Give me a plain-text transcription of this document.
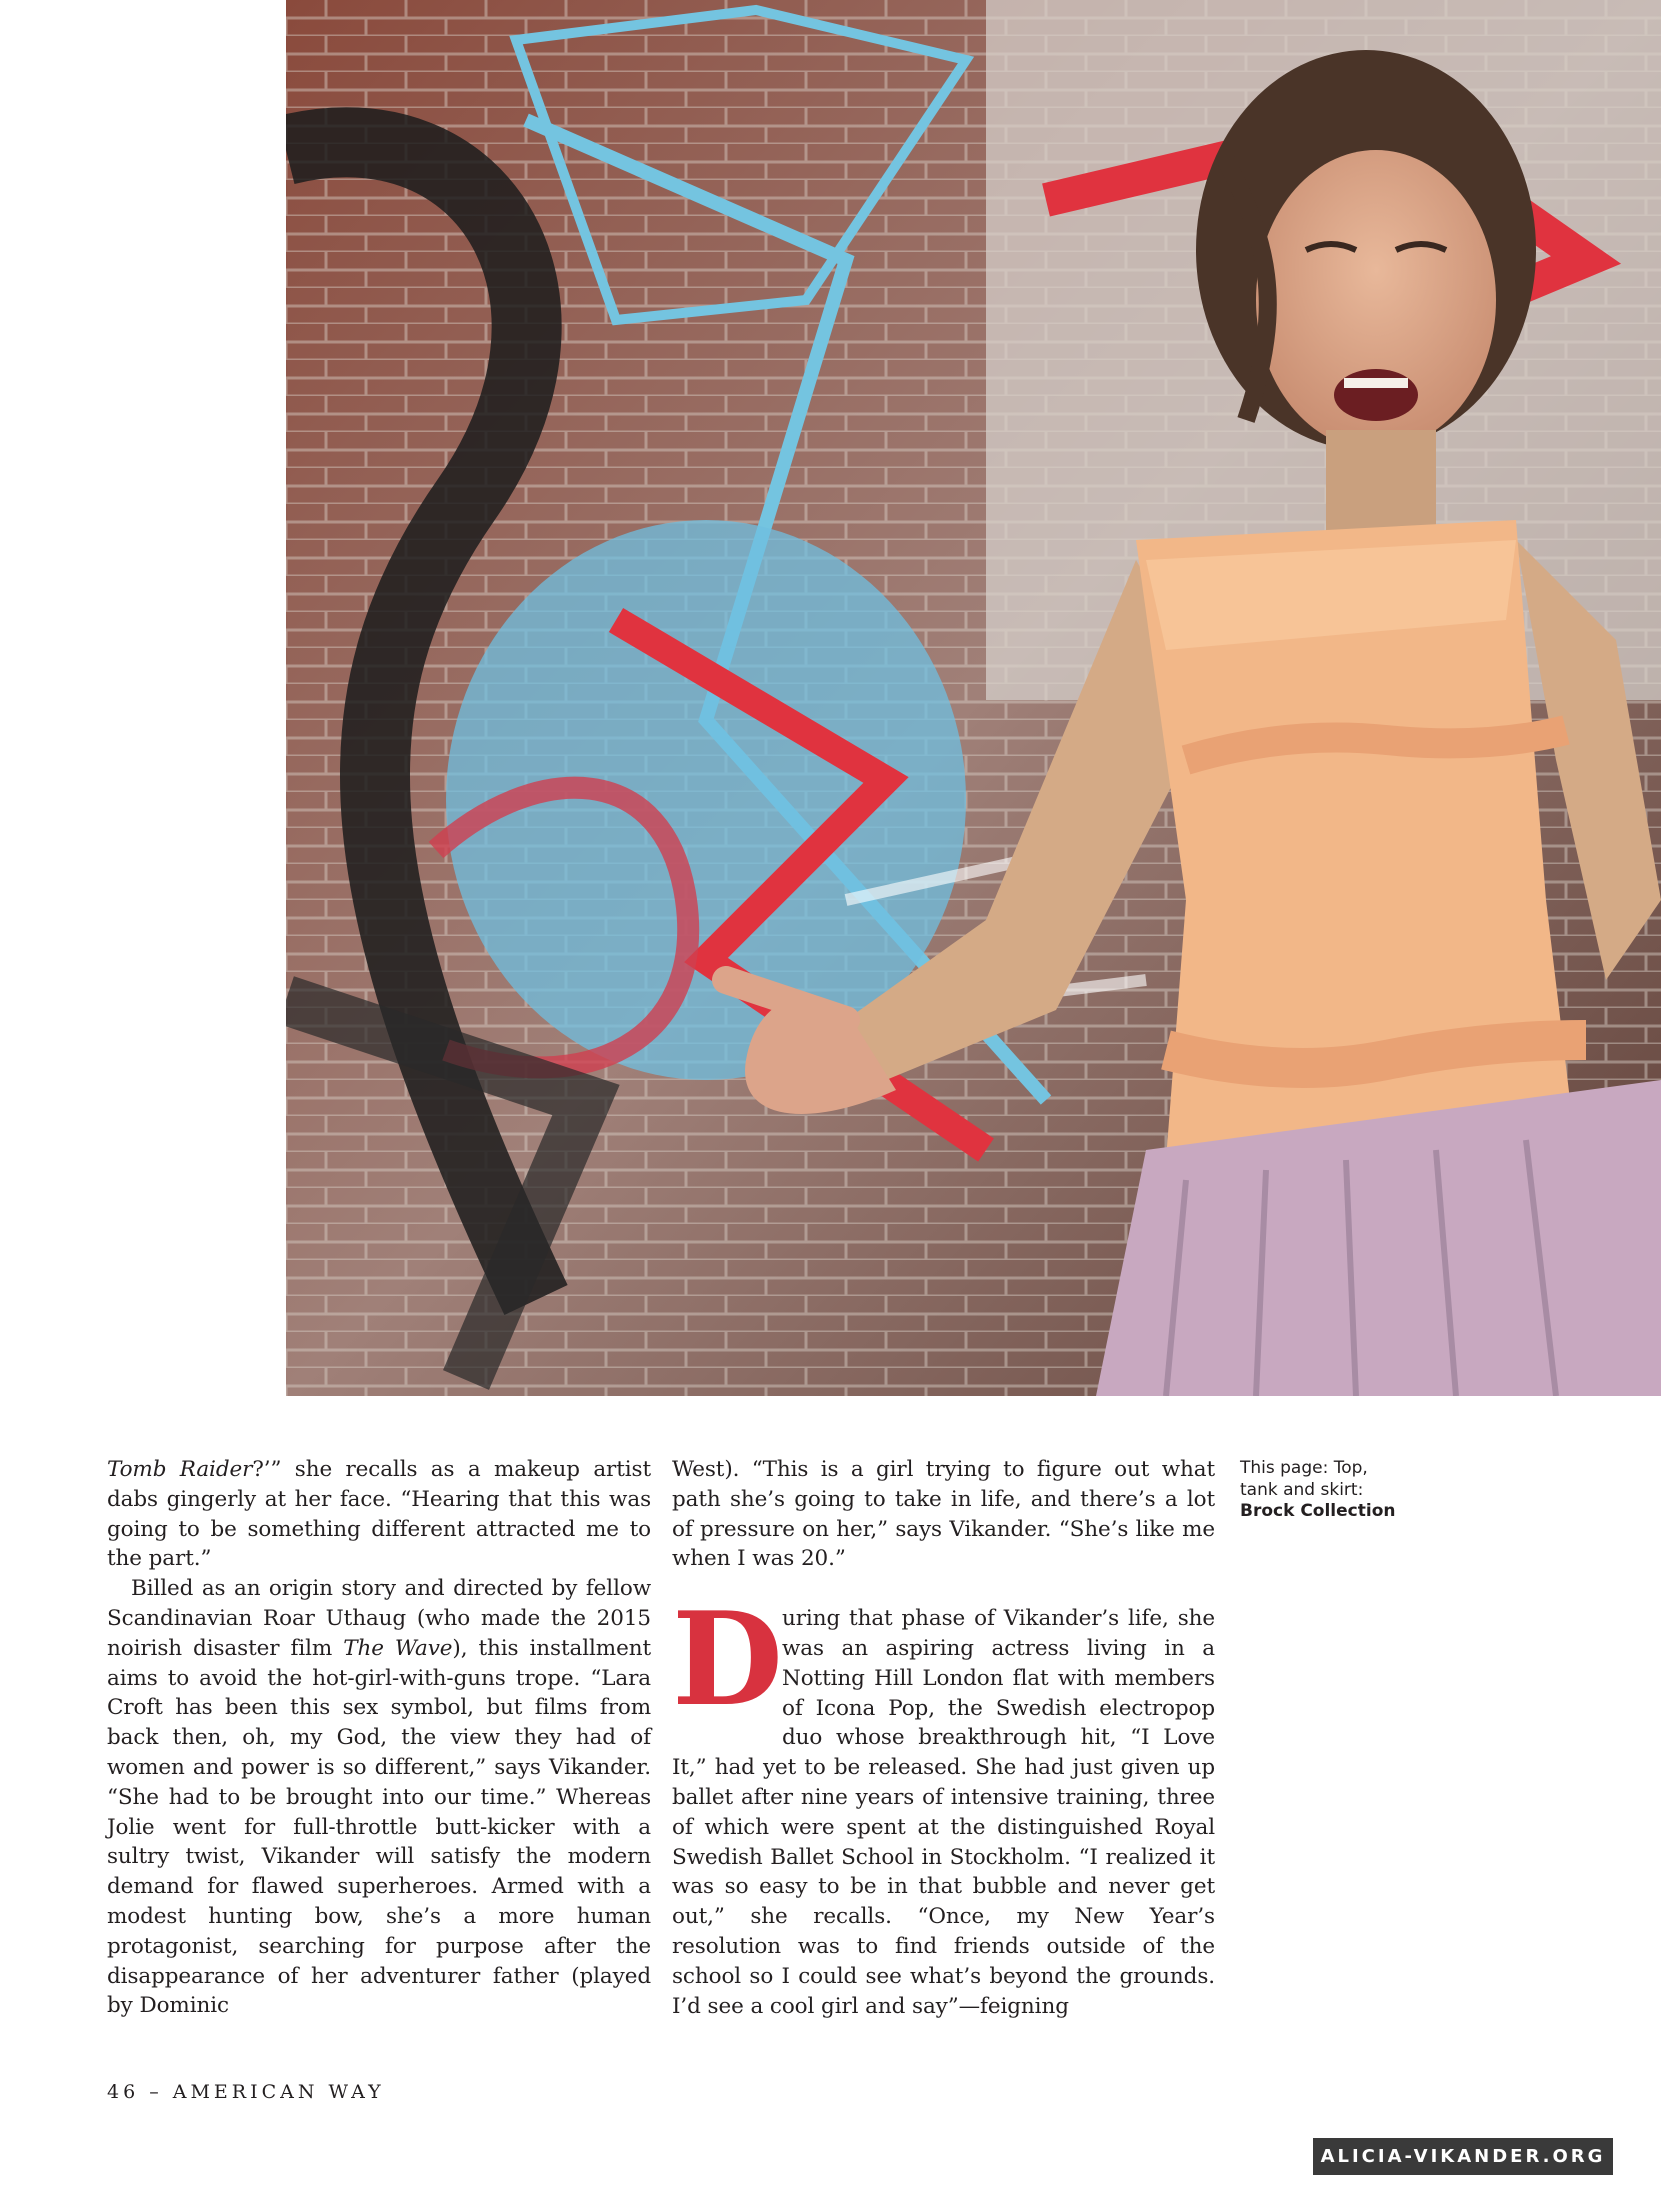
Tomb Raider?’” she recalls as a makeup artist dabs gingerly at her face. “Hearing that this was going to be something different attracted me to the part.”

Billed as an origin story and directed by fellow Scandinavian Roar Uthaug (who made the 2015 noirish disaster film The Wave), this installment aims to avoid the hot-girl-with-guns trope. “Lara Croft has been this sex symbol, but films from back then, oh, my God, the view they had of women and power is so different,” says Vikander. “She had to be brought into our time.” Whereas Jolie went for full-throttle butt-kicker with a sultry twist, Vikander will satisfy the modern demand for flawed superheroes. Armed with a modest hunting bow, she’s a more human protagonist, searching for purpose after the disappearance of her adventurer father (played by Dominic

West). “This is a girl trying to figure out what path she’s going to take in life, and there’s a lot of pressure on her,” says Vikander. “She’s like me when I was 20.”

During that phase of Vikander’s life, she was an aspiring actress living in a Notting Hill London flat with members of Icona Pop, the Swedish electropop duo whose breakthrough hit, “I Love It,” had yet to be released. She had just given up ballet after nine years of intensive training, three of which were spent at the distinguished Royal Swedish Ballet School in Stockholm. “I realized it was so easy to be in that bubble and never get out,” she recalls. “Once, my New Year’s resolution was to find friends outside of the school so I could see what’s beyond the grounds. I’d see a cool girl and say”—feigning

This page: Top, tank and skirt:
Brock Collection
46 – AMERICAN WAY
ALICIA-VIKANDER.ORG
